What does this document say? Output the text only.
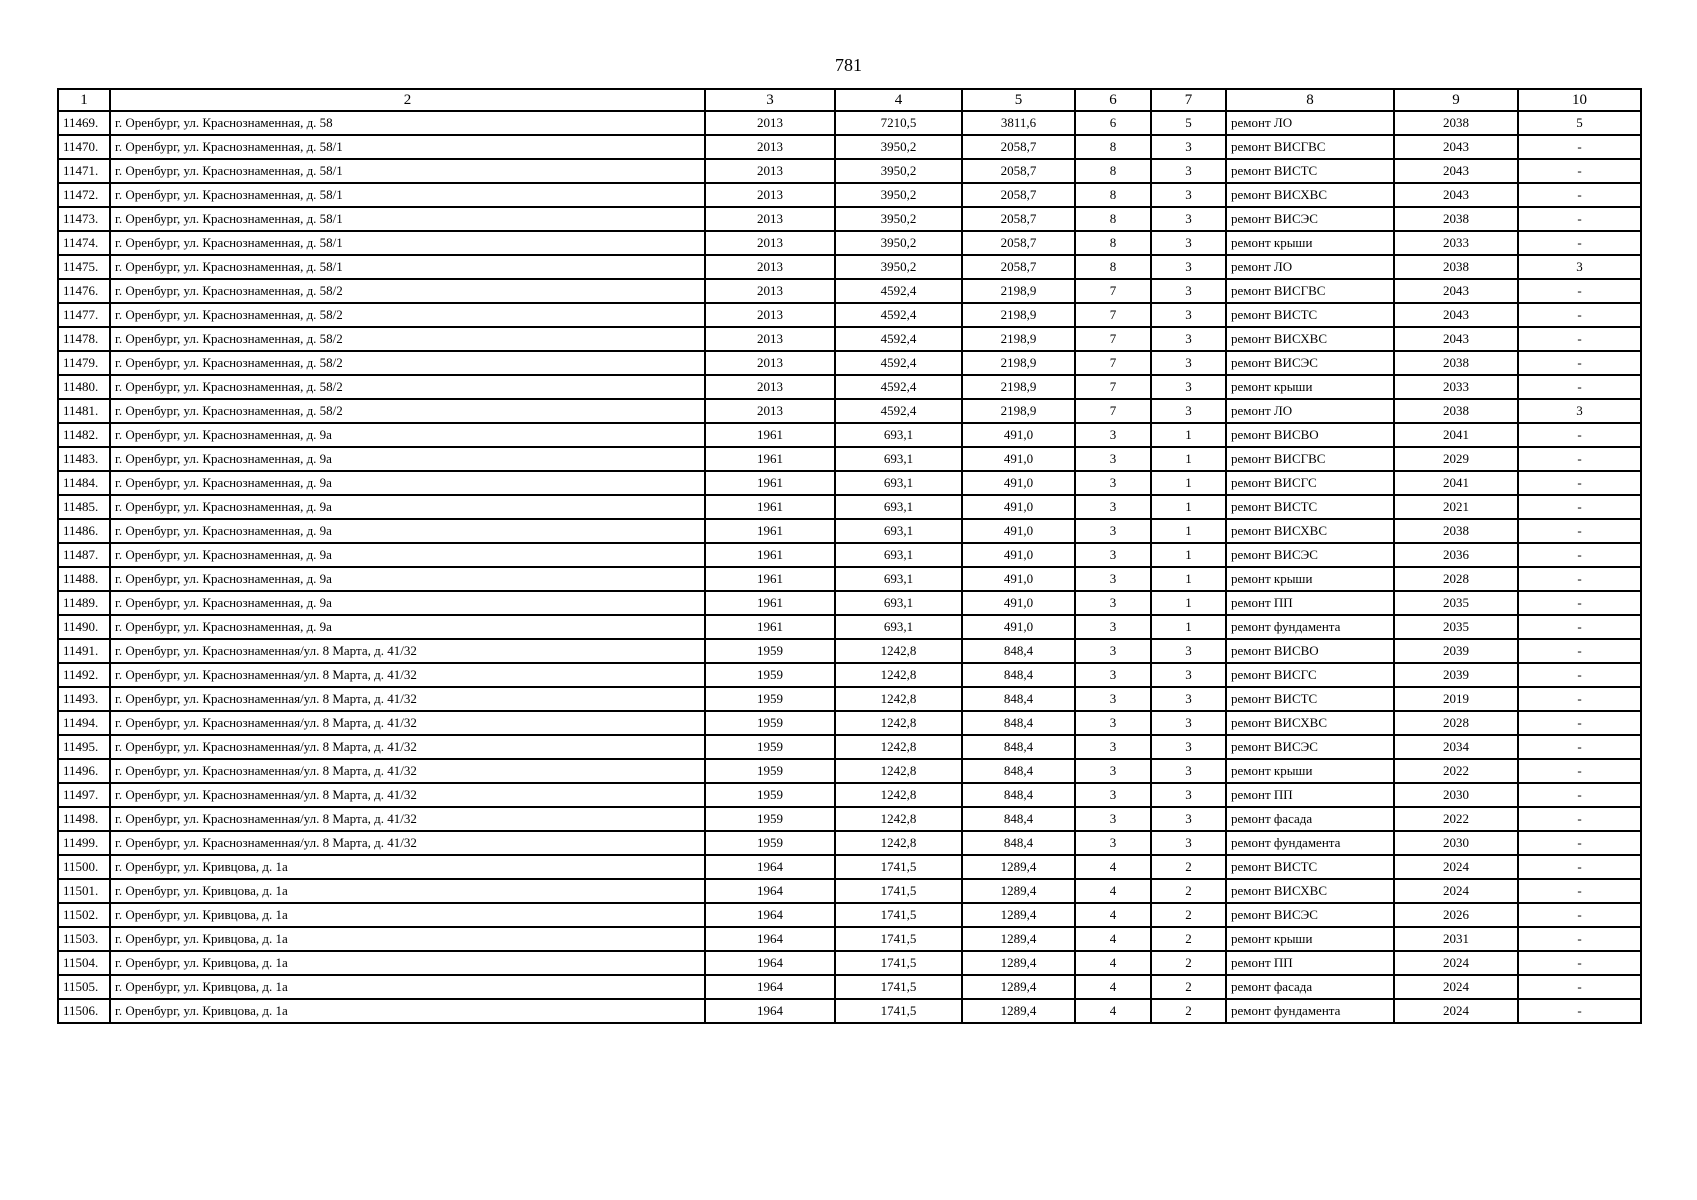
781
1	2	3	4	5	6	7	8	9	10
11469.	г. Оренбург, ул. Краснознаменная, д. 58	2013	7210,5	3811,6	6	5	ремонт ЛО	2038	5
11470.	г. Оренбург, ул. Краснознаменная, д. 58/1	2013	3950,2	2058,7	8	3	ремонт ВИСГВС	2043	-
11471.	г. Оренбург, ул. Краснознаменная, д. 58/1	2013	3950,2	2058,7	8	3	ремонт ВИСТС	2043	-
11472.	г. Оренбург, ул. Краснознаменная, д. 58/1	2013	3950,2	2058,7	8	3	ремонт ВИСХВС	2043	-
11473.	г. Оренбург, ул. Краснознаменная, д. 58/1	2013	3950,2	2058,7	8	3	ремонт ВИСЭС	2038	-
11474.	г. Оренбург, ул. Краснознаменная, д. 58/1	2013	3950,2	2058,7	8	3	ремонт крыши	2033	-
11475.	г. Оренбург, ул. Краснознаменная, д. 58/1	2013	3950,2	2058,7	8	3	ремонт ЛО	2038	3
11476.	г. Оренбург, ул. Краснознаменная, д. 58/2	2013	4592,4	2198,9	7	3	ремонт ВИСГВС	2043	-
11477.	г. Оренбург, ул. Краснознаменная, д. 58/2	2013	4592,4	2198,9	7	3	ремонт ВИСТС	2043	-
11478.	г. Оренбург, ул. Краснознаменная, д. 58/2	2013	4592,4	2198,9	7	3	ремонт ВИСХВС	2043	-
11479.	г. Оренбург, ул. Краснознаменная, д. 58/2	2013	4592,4	2198,9	7	3	ремонт ВИСЭС	2038	-
11480.	г. Оренбург, ул. Краснознаменная, д. 58/2	2013	4592,4	2198,9	7	3	ремонт крыши	2033	-
11481.	г. Оренбург, ул. Краснознаменная, д. 58/2	2013	4592,4	2198,9	7	3	ремонт ЛО	2038	3
11482.	г. Оренбург, ул. Краснознаменная, д. 9а	1961	693,1	491,0	3	1	ремонт ВИСВО	2041	-
11483.	г. Оренбург, ул. Краснознаменная, д. 9а	1961	693,1	491,0	3	1	ремонт ВИСГВС	2029	-
11484.	г. Оренбург, ул. Краснознаменная, д. 9а	1961	693,1	491,0	3	1	ремонт ВИСГС	2041	-
11485.	г. Оренбург, ул. Краснознаменная, д. 9а	1961	693,1	491,0	3	1	ремонт ВИСТС	2021	-
11486.	г. Оренбург, ул. Краснознаменная, д. 9а	1961	693,1	491,0	3	1	ремонт ВИСХВС	2038	-
11487.	г. Оренбург, ул. Краснознаменная, д. 9а	1961	693,1	491,0	3	1	ремонт ВИСЭС	2036	-
11488.	г. Оренбург, ул. Краснознаменная, д. 9а	1961	693,1	491,0	3	1	ремонт крыши	2028	-
11489.	г. Оренбург, ул. Краснознаменная, д. 9а	1961	693,1	491,0	3	1	ремонт ПП	2035	-
11490.	г. Оренбург, ул. Краснознаменная, д. 9а	1961	693,1	491,0	3	1	ремонт фундамента	2035	-
11491.	г. Оренбург, ул. Краснознаменная/ул. 8 Марта, д. 41/32	1959	1242,8	848,4	3	3	ремонт ВИСВО	2039	-
11492.	г. Оренбург, ул. Краснознаменная/ул. 8 Марта, д. 41/32	1959	1242,8	848,4	3	3	ремонт ВИСГС	2039	-
11493.	г. Оренбург, ул. Краснознаменная/ул. 8 Марта, д. 41/32	1959	1242,8	848,4	3	3	ремонт ВИСТС	2019	-
11494.	г. Оренбург, ул. Краснознаменная/ул. 8 Марта, д. 41/32	1959	1242,8	848,4	3	3	ремонт ВИСХВС	2028	-
11495.	г. Оренбург, ул. Краснознаменная/ул. 8 Марта, д. 41/32	1959	1242,8	848,4	3	3	ремонт ВИСЭС	2034	-
11496.	г. Оренбург, ул. Краснознаменная/ул. 8 Марта, д. 41/32	1959	1242,8	848,4	3	3	ремонт крыши	2022	-
11497.	г. Оренбург, ул. Краснознаменная/ул. 8 Марта, д. 41/32	1959	1242,8	848,4	3	3	ремонт ПП	2030	-
11498.	г. Оренбург, ул. Краснознаменная/ул. 8 Марта, д. 41/32	1959	1242,8	848,4	3	3	ремонт фасада	2022	-
11499.	г. Оренбург, ул. Краснознаменная/ул. 8 Марта, д. 41/32	1959	1242,8	848,4	3	3	ремонт фундамента	2030	-
11500.	г. Оренбург, ул. Кривцова, д. 1а	1964	1741,5	1289,4	4	2	ремонт ВИСТС	2024	-
11501.	г. Оренбург, ул. Кривцова, д. 1а	1964	1741,5	1289,4	4	2	ремонт ВИСХВС	2024	-
11502.	г. Оренбург, ул. Кривцова, д. 1а	1964	1741,5	1289,4	4	2	ремонт ВИСЭС	2026	-
11503.	г. Оренбург, ул. Кривцова, д. 1а	1964	1741,5	1289,4	4	2	ремонт крыши	2031	-
11504.	г. Оренбург, ул. Кривцова, д. 1а	1964	1741,5	1289,4	4	2	ремонт ПП	2024	-
11505.	г. Оренбург, ул. Кривцова, д. 1а	1964	1741,5	1289,4	4	2	ремонт фасада	2024	-
11506.	г. Оренбург, ул. Кривцова, д. 1а	1964	1741,5	1289,4	4	2	ремонт фундамента	2024	-
